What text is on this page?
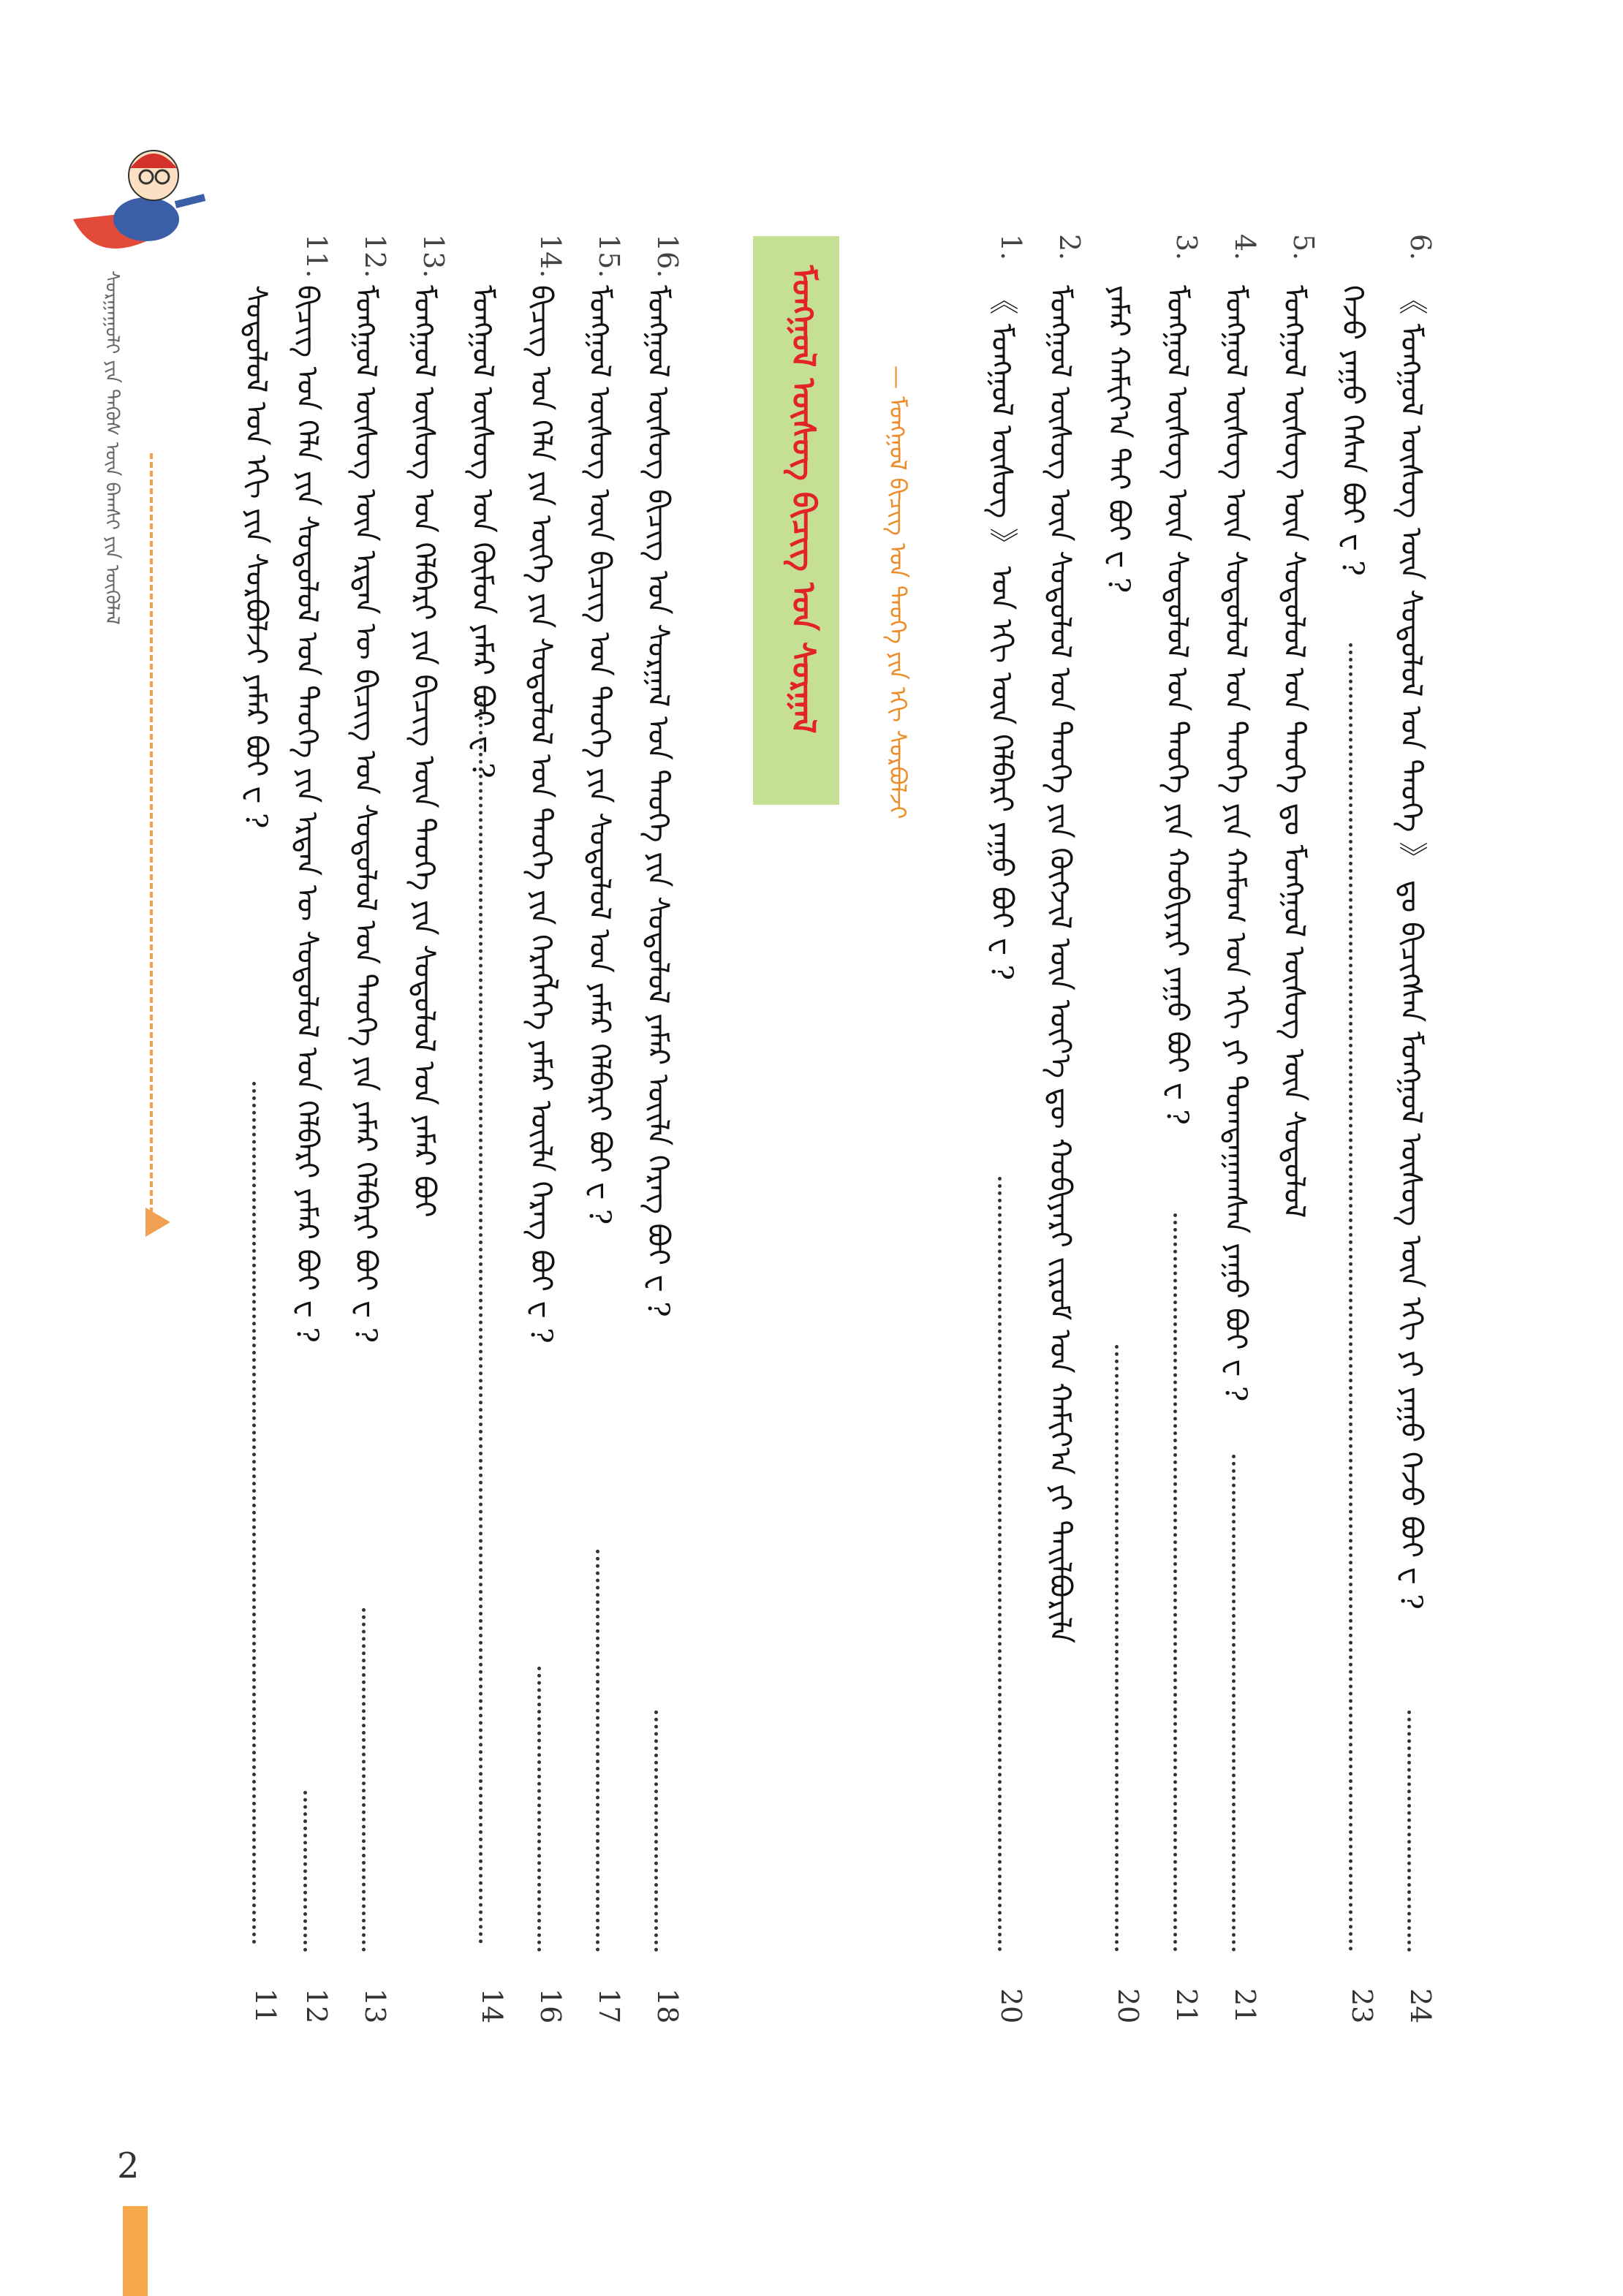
ᠰᠤᠷᠭᠠᠭᠤᠯᠢ ᠶᠢᠨ ᠲᠡᠭᠦᠰ ᠦᠨ ᠪᠠᠭᠰᠢ ᠶᠢᠨ ᠦᠭᠦᠯᠡᠯ	ᠰᠤᠳᠤᠯᠤᠯ ᠤᠨ ᠡᠬᠢ ᠶᠢᠨ ᠰᠤᠷᠪᠤᠯᠵᠢ ᠶᠠᠮᠠᠷ ᠪᠤᠢ ᠸ ?
11
11.
ᠪᠢᠴᠢᠭ ᠤᠨ ᠬᠡᠯᠡ ᠶᠢᠨ ᠰᠤᠳᠤᠯᠤᠯ ᠤᠨ ᠲᠡᠦᠬᠡ ᠶᠢᠨ ᠡᠷᠲᠡᠨ ᠦ ᠰᠤᠳᠤᠯᠤᠯ ᠤᠨ ᠬᠡᠯᠪᠡᠷᠢ ᠶᠠᠮᠠᠷ ᠪᠤᠢ ᠸ ?
12
12.
ᠮᠣᠩᠭᠣᠯ ᠦᠰᠦᠭ ᠦᠨ ᠡᠷᠲᠡᠨ ᠦ ᠪᠢᠴᠢᠭ ᠤᠨ ᠰᠤᠳᠤᠯᠤᠯ ᠤᠨ ᠲᠡᠦᠬᠡ ᠶᠢᠨ ᠶᠠᠮᠠᠷ ᠬᠡᠯᠪᠡᠷᠢ ᠪᠤᠢ ᠸ ?
13
13.
ᠮᠣᠩᠭᠣᠯ ᠦᠰᠦᠭ ᠤᠨ ᠬᠡᠯᠪᠡᠷᠢ ᠶᠢᠨ ᠪᠢᠴᠢᠭ ᠦᠨ ᠲᠡᠦᠬᠡ ᠶᠢᠨ ᠰᠤᠳᠤᠯᠤᠯ ᠤᠨ ᠶᠠᠮᠠᠷ ᠪᠤᠢ ᠮᠣᠩᠭᠣᠯ ᠦᠰᠦᠭ ᠤᠨ ᠬᠦᠮᠦᠨ ᠶᠠᠮᠠᠷ ᠪᠤᠢ ᠸ ?
14
14.
ᠪᠢᠴᠢᠭ ᠤᠨ ᠬᠡᠯᠡ ᠶᠢᠨ ᠦᠭᠡ ᠶᠢᠨ ᠰᠤᠳᠤᠯᠤᠯ ᠤᠨ ᠲᠡᠦᠬᠡ ᠶᠢᠨ ᠬᠡᠷᠡᠭᠯᠡᠭᠡ ᠶᠠᠮᠠᠷ ᠦᠢᠯᠡ ᠬᠡᠷᠡᠭ ᠪᠤᠢ ᠸ ?
16
15.
ᠮᠣᠩᠭᠣᠯ ᠦᠰᠦᠭ ᠦᠨ ᠪᠢᠴᠢᠭ ᠤᠨ ᠲᠡᠦᠬᠡ ᠶᠢᠨ ᠰᠤᠳᠤᠯᠤᠯ ᠤᠨ ᠶᠠᠮᠠᠷ ᠬᠡᠯᠪᠡᠷᠢ ᠪᠤᠢ ᠸ ?
17
16.
ᠮᠣᠩᠭᠣᠯ ᠦᠰᠦᠭ ᠪᠢᠴᠢᠭ ᠤᠨ ᠰᠤᠷᠭᠠᠯ ᠤᠨ ᠲᠡᠦᠬᠡ ᠶᠢᠨ ᠰᠤᠳᠤᠯᠤᠯ ᠶᠠᠮᠠᠷ ᠦᠢᠯᠡ ᠬᠡᠷᠡᠭ ᠪᠤᠢ ᠸ ?
18
ᠮᠣᠩᠭᠣᠯ ᠦᠰᠦᠭ ᠪᠢᠴᠢᠭ ᠤᠨ ᠰᠤᠷᠭᠠᠯ	— ᠮᠣᠩᠭᠣᠯ ᠪᠢᠴᠢᠭ ᠤᠨ ᠲᠡᠦᠬᠡ ᠶᠢᠨ ᠡᠬᠢ ᠰᠤᠷᠪᠤᠯᠵᠢ
1.
《 ᠮᠣᠩᠭᠣᠯ ᠦᠰᠦᠭ 》 ᠤᠨ ᠡᠬᠢ ᠦᠨ ᠬᠡᠯᠪᠡᠷᠢ ᠶᠠᠭᠤ ᠪᠤᠢ ᠸ ?
20
2.
ᠮᠣᠩᠭᠣᠯ ᠦᠰᠦᠭ ᠦᠨ ᠰᠤᠳᠤᠯᠤᠯ ᠤᠨ ᠲᠡᠦᠬᠡ ᠶᠢᠨ ᠬᠥᠭᠵᠢᠯ ᠦᠨ ᠦᠶ᠎ᠡ ᠳᠦ ᠬᠤᠪᠢᠶᠠᠷᠢ ᠵᠢᠷᠤᠮ ᠤᠨ ᠬᠠᠮᠢᠶ᠎ᠠ ᠶᠢ ᠲᠠᠢᠯᠪᠤᠷᠢᠯᠠ ᠶᠠᠮᠠᠷ ᠬᠠᠮᠢᠶ᠎ᠠ ᠲᠠᠢ ᠪᠤᠢ ᠸ ?
20
3.
ᠮᠣᠩᠭᠣᠯ ᠦᠰᠦᠭ ᠦᠨ ᠰᠤᠳᠤᠯᠤᠯ ᠤᠨ ᠲᠡᠦᠬᠡ ᠶᠢᠨ ᠬᠤᠪᠢᠶᠠᠷᠢ ᠶᠠᠭᠤ ᠪᠤᠢ ᠸ ?
21
4.
ᠮᠣᠩᠭᠣᠯ ᠦᠰᠦᠭ ᠦᠨ ᠰᠤᠳᠤᠯᠤᠯ ᠤᠨ ᠲᠡᠦᠬᠡ ᠶᠢᠨ ᠬᠠᠮᠤᠭ ᠤᠨ ᠡᠬᠢ ᠶᠢ ᠲᠣᠭᠲᠠᠭᠠᠭᠰᠠᠨ ᠶᠠᠭᠤ ᠪᠤᠢ ᠸ ?
21
5.
ᠮᠣᠩᠭᠣᠯ ᠦᠰᠦᠭ ᠦᠨ ᠰᠤᠳᠤᠯᠤᠯ ᠤᠨ ᠲᠡᠦᠬᠡ ᠳᠤ ᠮᠣᠩᠭᠣᠯ ᠦᠰᠦᠭ ᠦᠨ ᠰᠤᠳᠤᠯᠤᠯ ᠭᠡᠵᠦ ᠶᠠᠭᠤ ᠭᠡᠰᠡᠨ ᠪᠤᠢ ᠸ ?
23
6.
《 ᠮᠣᠩᠭᠣᠯ ᠦᠰᠦᠭ ᠦᠨ ᠰᠤᠳᠤᠯᠤᠯ ᠤᠨ ᠲᠡᠦᠬᠡ 》 ᠳᠤ ᠪᠢᠴᠢᠭᠰᠡᠨ ᠮᠣᠩᠭᠣᠯ ᠦᠰᠦᠭ ᠦᠨ ᠡᠬᠢ ᠶᠢ ᠶᠠᠭᠤ ᠭᠡᠵᠦ ᠪᠤᠢ ᠸ ?
24
2
